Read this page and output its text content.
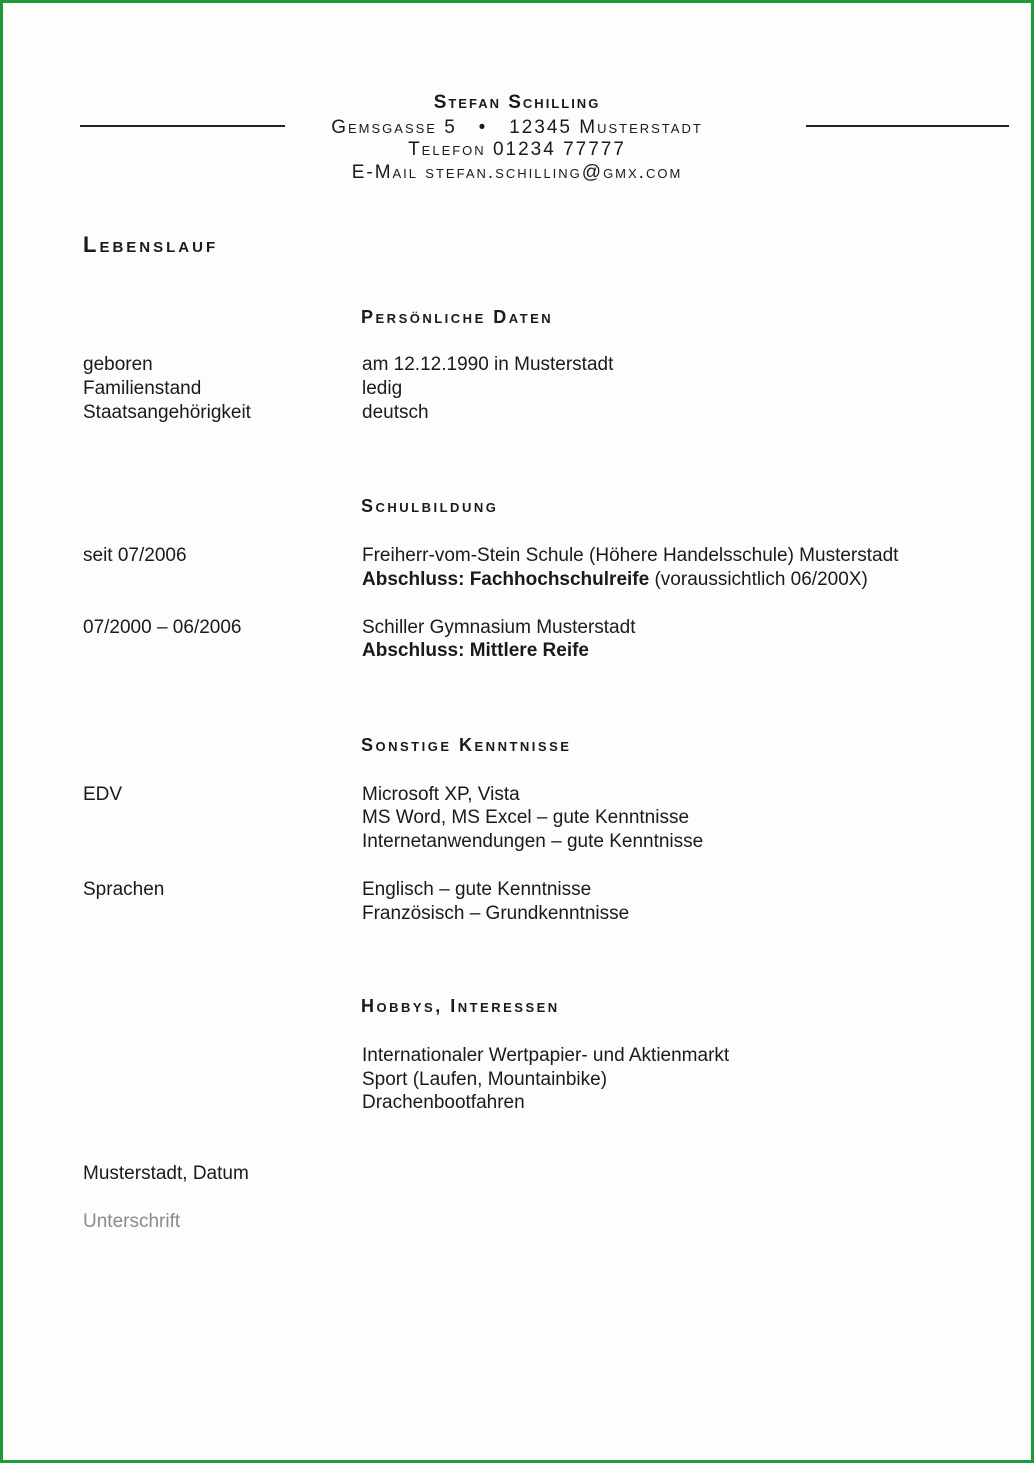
Stefan Schilling
Gemsgasse 5   •   12345 Musterstadt
Telefon 01234 77777
E-Mail stefan.schilling@gmx.com
Lebenslauf
Persönliche Daten
geboren	am 12.12.1990 in Musterstadt
Familienstand	ledig
Staatsangehörigkeit	deutsch
Schulbildung
seit 07/2006	Freiherr-vom-Stein Schule (Höhere Handelsschule) Musterstadt
Abschluss: Fachhochschulreife (voraussichtlich 06/200X)
07/2000 – 06/2006	Schiller Gymnasium Musterstadt
Abschluss: Mittlere Reife
Sonstige Kenntnisse
EDV	Microsoft XP, Vista
MS Word, MS Excel – gute Kenntnisse
Internetanwendungen – gute Kenntnisse
Sprachen	Englisch – gute Kenntnisse
Französisch – Grundkenntnisse
Hobbys, Interessen
Internationaler Wertpapier- und Aktienmarkt
Sport (Laufen, Mountainbike)
Drachenbootfahren
Musterstadt, Datum
Unterschrift
